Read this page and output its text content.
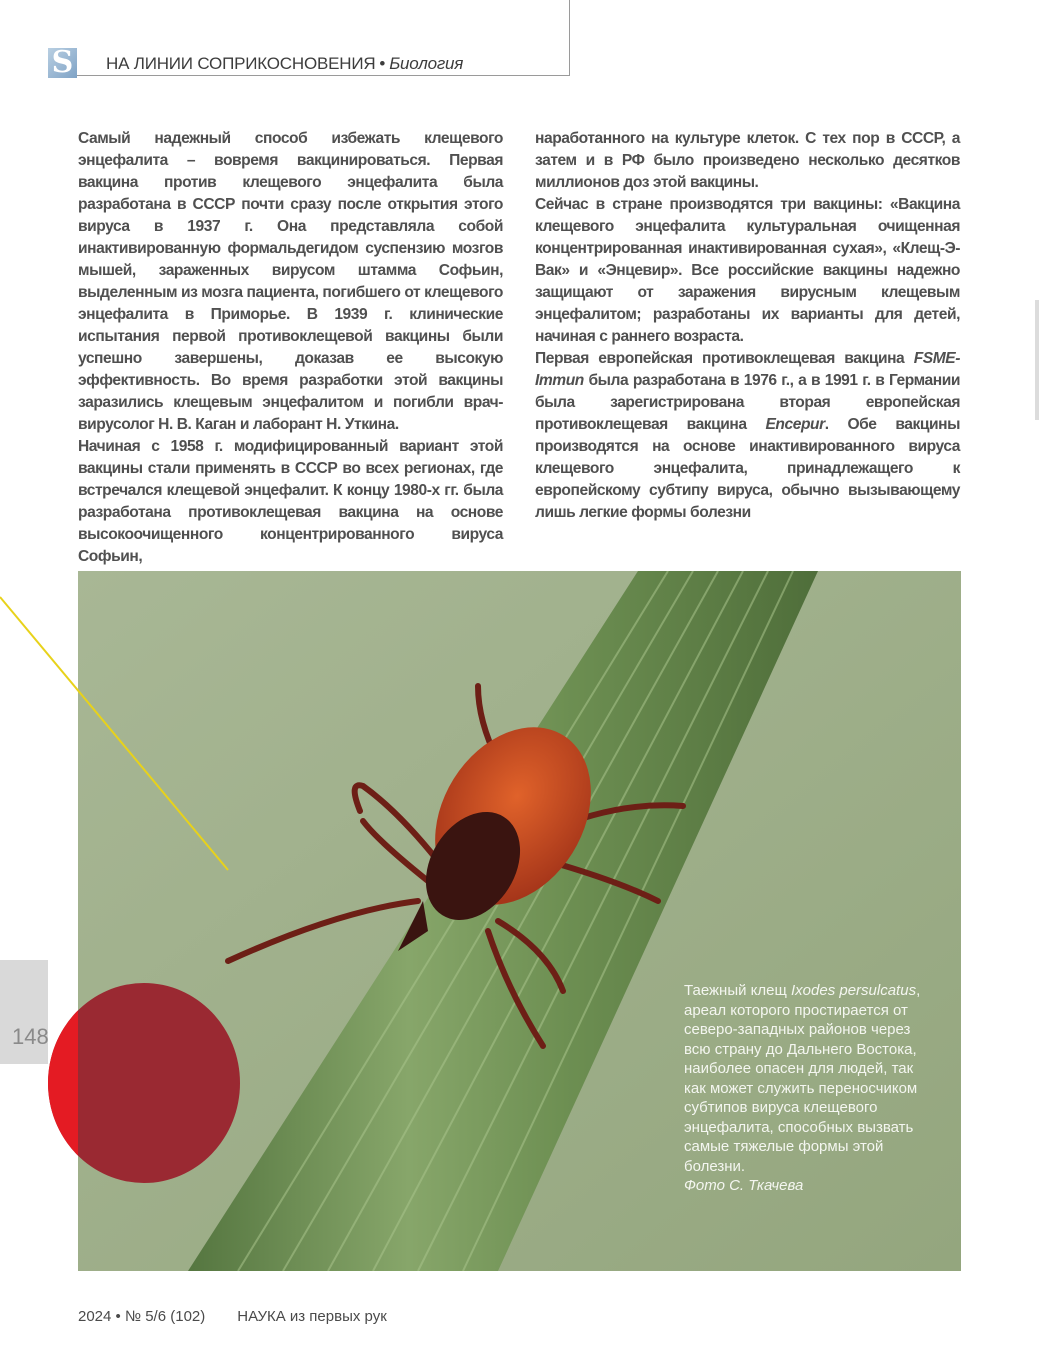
S НА ЛИНИИ СОПРИКОСНОВЕНИЯ • Биология

Самый надежный способ избежать клещевого энцефалита – вовремя вакцинироваться. Первая вакцина против клещевого энцефалита была разработана в СССР почти сразу после открытия этого вируса в 1937 г. Она представляла собой инактивированную формальдегидом суспензию мозгов мышей, зараженных вирусом штамма Софьин, выделенным из мозга пациента, погибшего от клещевого энцефалита в Приморье. В 1939 г. клинические испытания первой противоклещевой вакцины были успешно завершены, доказав ее высокую эффективность. Во время разработки этой вакцины заразились клещевым энцефалитом и погибли врач-вирусолог Н. В. Каган и лаборант Н. Уткина.

Начиная с 1958 г. модифицированный вариант этой вакцины стали применять в СССР во всех регионах, где встречался клещевой энцефалит. К концу 1980-х гг. была разработана противоклещевая вакцина на основе высокоочищенного концентрированного вируса Софьин,

наработанного на культуре клеток. С тех пор в СССР, а затем и в РФ было произведено несколько десятков миллионов доз этой вакцины.

Сейчас в стране производятся три вакцины: «Вакцина клещевого энцефалита культуральная очищенная концентрированная инактивированная сухая», «Клещ-Э-Вак» и «Энцевир». Все российские вакцины надежно защищают от заражения вирусным клещевым энцефалитом; разработаны их варианты для детей, начиная с раннего возраста.

Первая европейская противоклещевая вакцина FSME-Immun была разработана в 1976 г., а в 1991 г. в Германии была зарегистрирована вторая европейская противоклещевая вакцина Encepur. Обе вакцины производятся на основе инактивированного вируса клещевого энцефалита, принадлежащего к европейскому субтипу вируса, обычно вызывающему лишь легкие формы болезни

Таежный клещ Ixodes persulcatus, ареал которого простирается от северо-западных районов через всю страну до Дальнего Востока, наиболее опасен для людей, так как может служить переносчиком субтипов вируса клещевого энцефалита, способных вызвать самые тяжелые формы этой болезни.
Фото С. Ткачева
148
2024 • № 5/6 (102) НАУКА из первых рук
